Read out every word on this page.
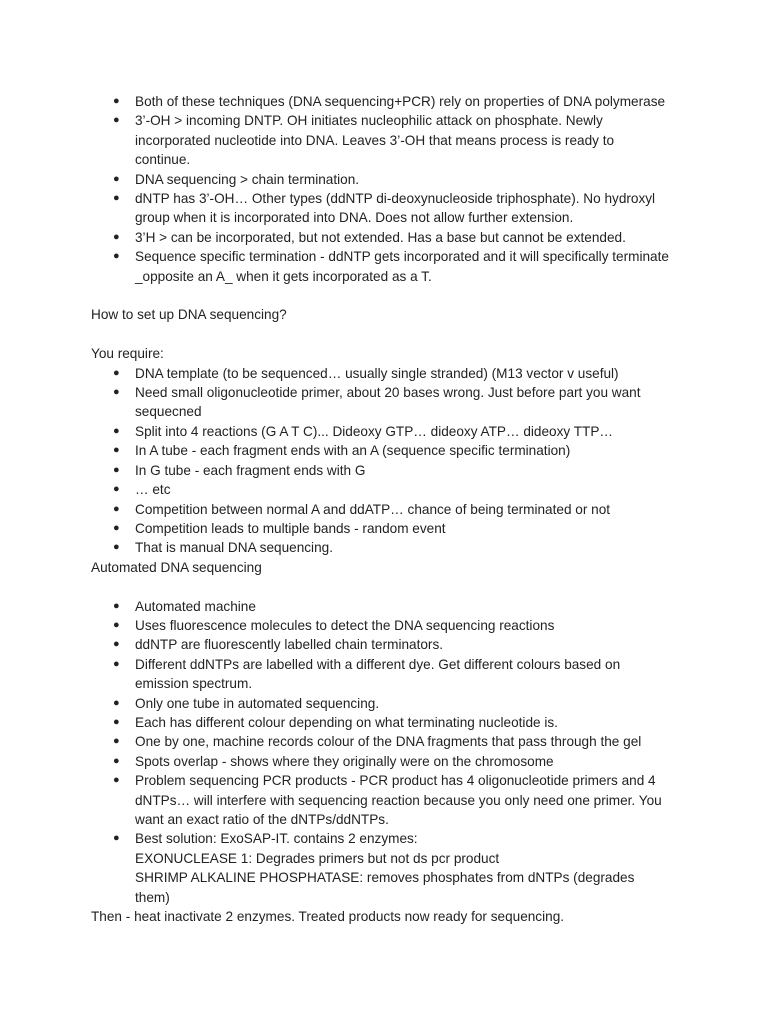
● Both of these techniques (DNA sequencing+PCR) rely on properties of DNA polymerase
● 3’-OH > incoming DNTP. OH initiates nucleophilic attack on phosphate. Newly
incorporated nucleotide into DNA. Leaves 3’-OH that means process is ready to
continue.
● DNA sequencing > chain termination.
● dNTP has 3’-OH… Other types (ddNTP di-deoxynucleoside triphosphate). No hydroxyl
group when it is incorporated into DNA. Does not allow further extension.
● 3’H > can be incorporated, but not extended. Has a base but cannot be extended.
● Sequence specific termination - ddNTP gets incorporated and it will specifically terminate
_opposite an A_ when it gets incorporated as a T.

How to set up DNA sequencing?

You require:

● DNA template (to be sequenced… usually single stranded) (M13 vector v useful)
● Need small oligonucleotide primer, about 20 bases wrong. Just before part you want
sequecned
● Split into 4 reactions (G A T C)... Dideoxy GTP… dideoxy ATP… dideoxy TTP…
● In A tube - each fragment ends with an A (sequence specific termination)
● In G tube - each fragment ends with G
● … etc
● Competition between normal A and ddATP… chance of being terminated or not
● Competition leads to multiple bands - random event
● That is manual DNA sequencing.

Automated DNA sequencing

● Automated machine
● Uses fluorescence molecules to detect the DNA sequencing reactions
● ddNTP are fluorescently labelled chain terminators.
● Different ddNTPs are labelled with a different dye. Get different colours based on
emission spectrum.
● Only one tube in automated sequencing.
● Each has different colour depending on what terminating nucleotide is.
● One by one, machine records colour of the DNA fragments that pass through the gel
● Spots overlap - shows where they originally were on the chromosome
● Problem sequencing PCR products - PCR product has 4 oligonucleotide primers and 4
dNTPs… will interfere with sequencing reaction because you only need one primer. You
want an exact ratio of the dNTPs/ddNTPs.
● Best solution: ExoSAP-IT. contains 2 enzymes:
EXONUCLEASE 1: Degrades primers but not ds pcr product
SHRIMP ALKALINE PHOSPHATASE: removes phosphates from dNTPs (degrades
them)

Then - heat inactivate 2 enzymes. Treated products now ready for sequencing.
